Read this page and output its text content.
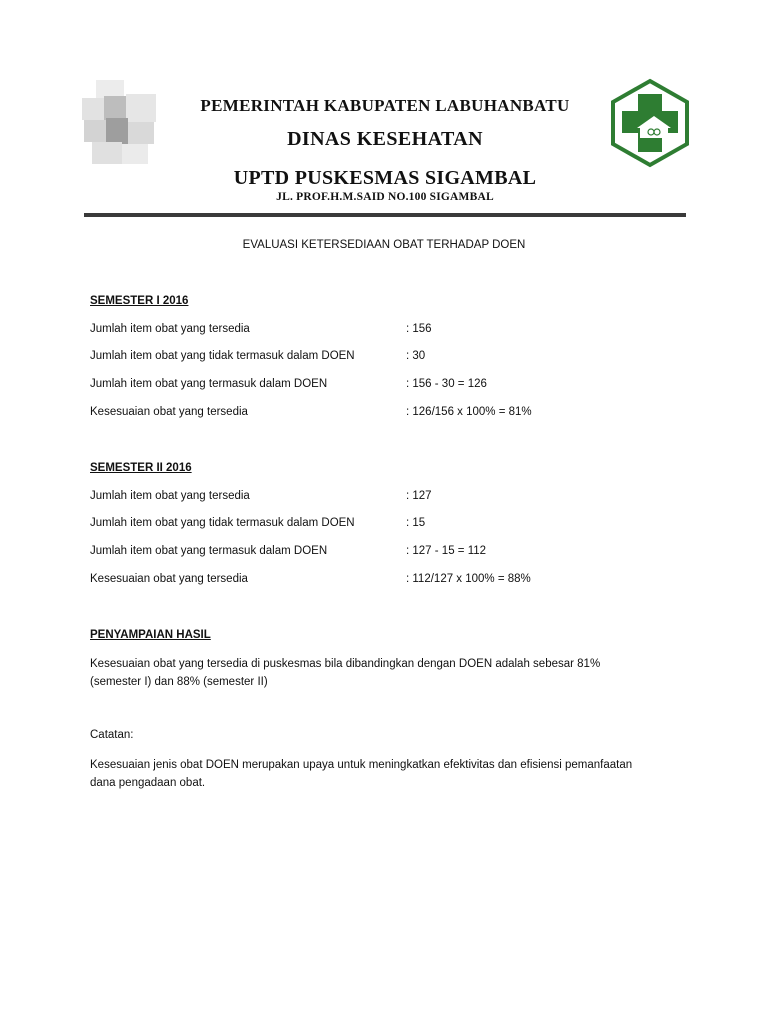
PEMERINTAH KABUPATEN LABUHANBATU
DINAS KESEHATAN
UPTD PUSKESMAS SIGAMBAL
JL. PROF.H.M.SAID NO.100 SIGAMBAL
EVALUASI KETERSEDIAAN OBAT TERHADAP DOEN
SEMESTER I 2016
Jumlah item obat yang tersedia	: 156
Jumlah item obat yang tidak termasuk dalam DOEN	: 30
Jumlah item obat yang termasuk dalam DOEN	: 156 - 30 = 126
Kesesuaian obat yang tersedia	: 126/156 x 100% = 81%
SEMESTER II 2016
Jumlah item obat yang tersedia	: 127
Jumlah item obat yang tidak termasuk dalam DOEN	: 15
Jumlah item obat yang termasuk dalam DOEN	: 127 - 15 = 112
Kesesuaian obat yang tersedia	: 112/127 x 100% = 88%
PENYAMPAIAN HASIL
Kesesuaian obat yang tersedia di puskesmas bila dibandingkan dengan DOEN adalah sebesar 81% (semester I) dan 88% (semester II)
Catatan:
Kesesuaian jenis obat DOEN merupakan upaya untuk meningkatkan efektivitas dan efisiensi pemanfaatan dana pengadaan obat.
